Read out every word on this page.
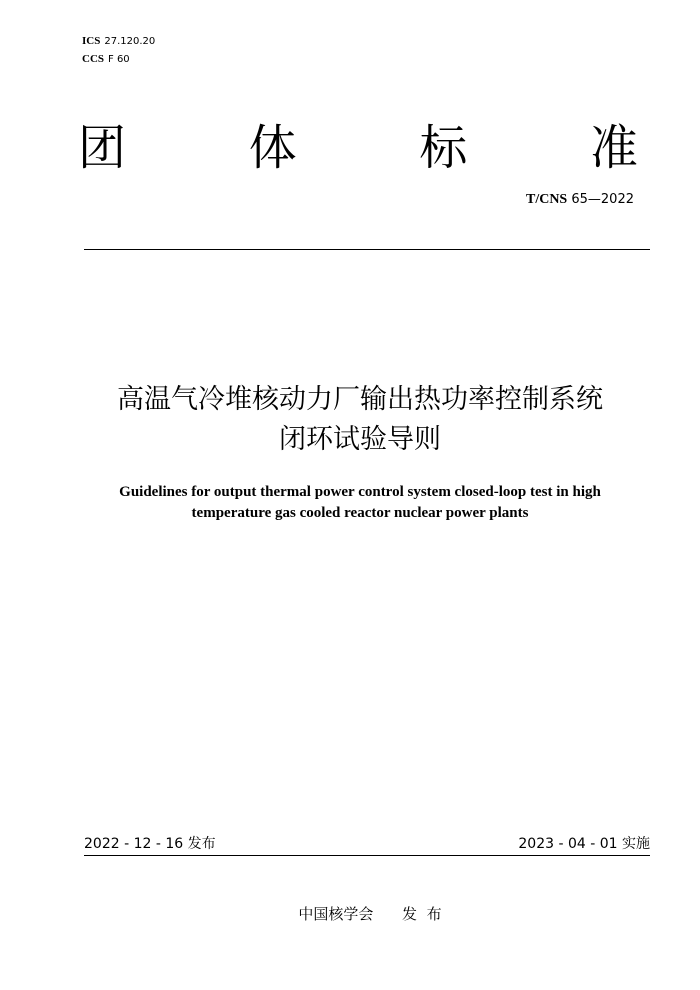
ICS 27.120.20
CCS F 60
团	体	标	准
T/CNS 65—2022
高温气冷堆核动力厂输出热功率控制系统
闭环试验导则
Guidelines for output thermal power control system closed-loop test in high
temperature gas cooled reactor nuclear power plants
2022 - 12 - 16 发布	2023 - 04 - 01 实施
中国核学会      发  布
